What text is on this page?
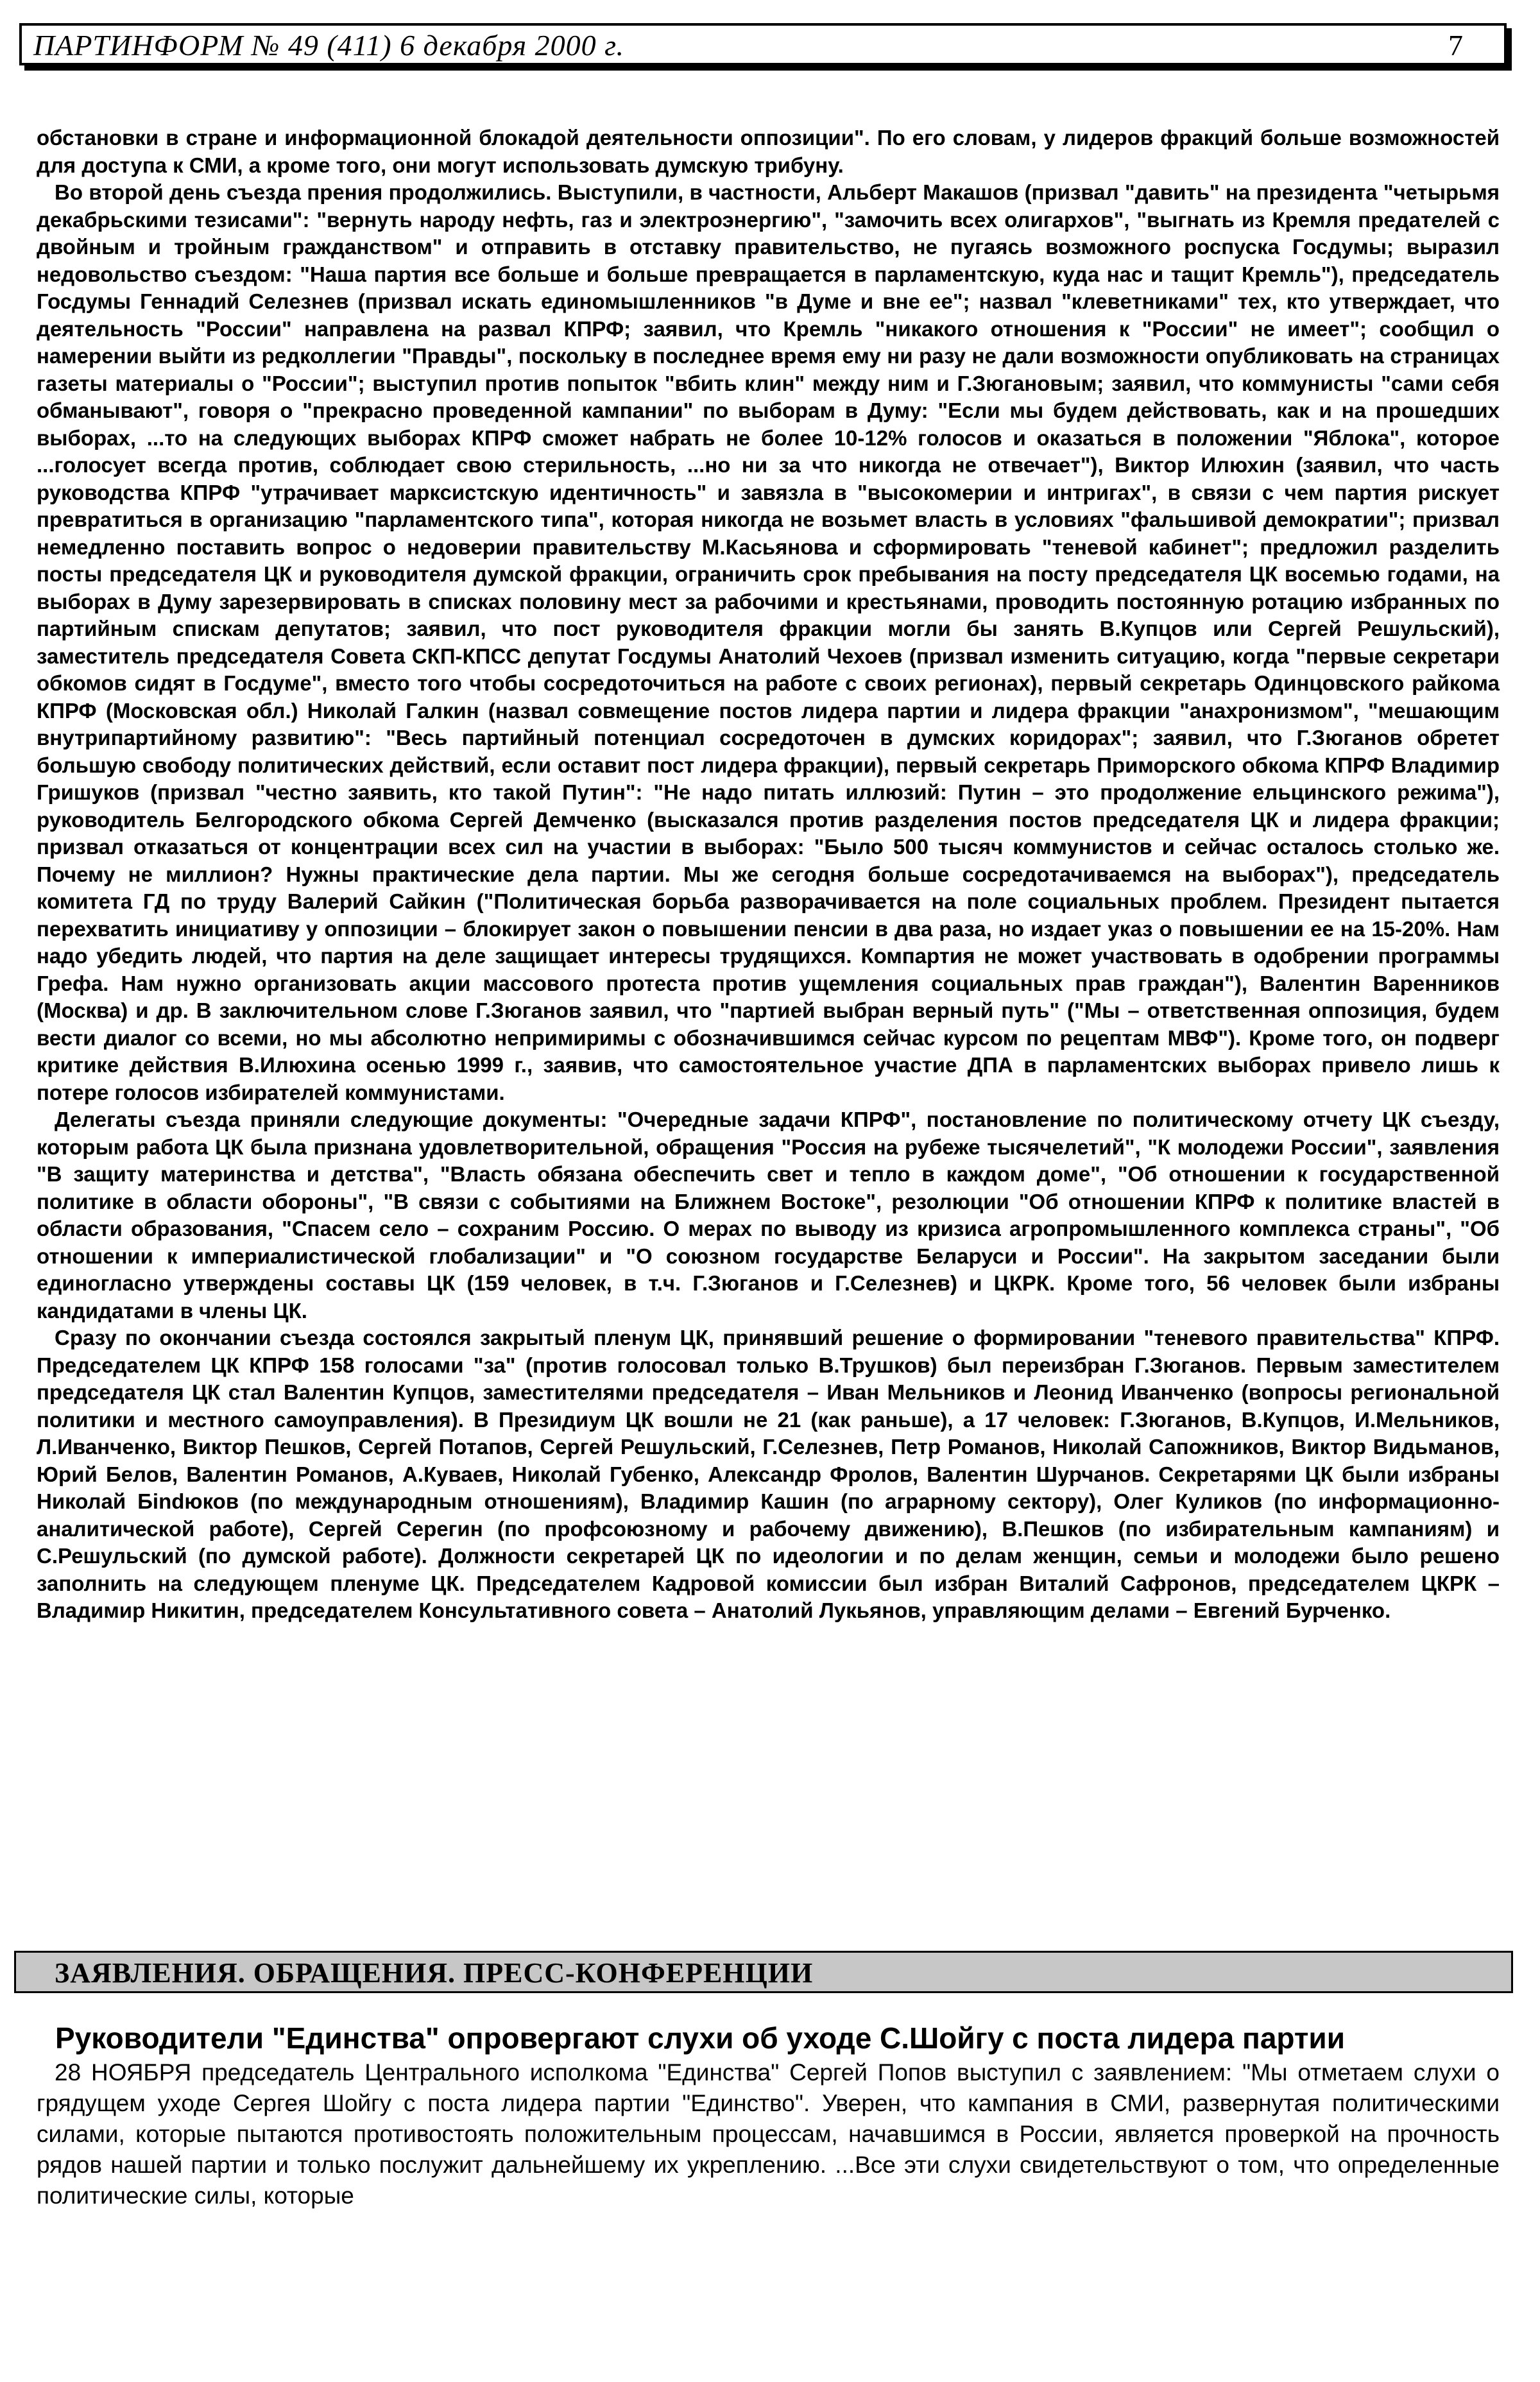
ПАРТИНФОРМ № 49 (411) 6 декабря 2000 г.	7

обстановки в стране и информационной блокадой деятельности оппозиции". По его словам, у лидеров фракций больше возможностей для доступа к СМИ, а кроме того, они могут использовать думскую трибуну.

Во второй день съезда прения продолжились. Выступили, в частности, Альберт Макашов (призвал "давить" на президента "четырьмя декабрьскими тезисами": "вернуть народу нефть, газ и электроэнергию", "замочить всех олигархов", "выгнать из Кремля предателей с двойным и тройным гражданством" и отправить в отставку правительство, не пугаясь возможного роспуска Госдумы; выразил недовольство съездом: "Наша партия все больше и больше превращается в парламентскую, куда нас и тащит Кремль"), председатель Госдумы Геннадий Селезнев (призвал искать единомышленников "в Думе и вне ее"; назвал "клеветниками" тех, кто утверждает, что деятельность "России" направлена на развал КПРФ; заявил, что Кремль "никакого отношения к "России" не имеет"; сообщил о намерении выйти из редколлегии "Правды", поскольку в последнее время ему ни разу не дали возможности опубликовать на страницах газеты материалы о "России"; выступил против попыток "вбить клин" между ним и Г.Зюгановым; заявил, что коммунисты "сами себя обманывают", говоря о "прекрасно проведенной кампании" по выборам в Думу: "Если мы будем действовать, как и на прошедших выборах, ...то на следующих выборах КПРФ сможет набрать не более 10-12% голосов и оказаться в положении "Яблока", которое ...голосует всегда против, соблюдает свою стерильность, ...но ни за что никогда не отвечает"), Виктор Илюхин (заявил, что часть руководства КПРФ "утрачивает марксистскую идентичность" и завязла в "высокомерии и интригах", в связи с чем партия рискует превратиться в организацию "парламентского типа", которая никогда не возьмет власть в условиях "фальшивой демократии"; призвал немедленно поставить вопрос о недоверии правительству М.Касьянова и сформировать "теневой кабинет"; предложил разделить посты председателя ЦК и руководителя думской фракции, ограничить срок пребывания на посту председателя ЦК восемью годами, на выборах в Думу зарезервировать в списках половину мест за рабочими и крестьянами, проводить постоянную ротацию избранных по партийным спискам депутатов; заявил, что пост руководителя фракции могли бы занять В.Купцов или Сергей Решульский), заместитель председателя Совета СКП-КПСС депутат Госдумы Анатолий Чехоев (призвал изменить ситуацию, когда "первые секретари обкомов сидят в Госдуме", вместо того чтобы сосредоточиться на работе с своих регионах), первый секретарь Одинцовского райкома КПРФ (Московская обл.) Николай Галкин (назвал совмещение постов лидера партии и лидера фракции "анахронизмом", "мешающим внутрипартийному развитию": "Весь партийный потенциал сосредоточен в думских коридорах"; заявил, что Г.Зюганов обретет большую свободу политических действий, если оставит пост лидера фракции), первый секретарь Приморского обкома КПРФ Владимир Гришуков (призвал "честно заявить, кто такой Путин": "Не надо питать иллюзий: Путин – это продолжение ельцинского режима"), руководитель Белгородского обкома Сергей Демченко (высказался против разделения постов председателя ЦК и лидера фракции; призвал отказаться от концентрации всех сил на участии в выборах: "Было 500 тысяч коммунистов и сейчас осталось столько же. Почему не миллион? Нужны практические дела партии. Мы же сегодня больше сосредотачиваемся на выборах"), председатель комитета ГД по труду Валерий Сайкин ("Политическая борьба разворачивается на поле социальных проблем. Президент пытается перехватить инициативу у оппозиции – блокирует закон о повышении пенсии в два раза, но издает указ о повышении ее на 15-20%. Нам надо убедить людей, что партия на деле защищает интересы трудящихся. Компартия не может участвовать в одобрении программы Грефа. Нам нужно организовать акции массового протеста против ущемления социальных прав граждан"), Валентин Варенников (Москва) и др. В заключительном слове Г.Зюганов заявил, что "партией выбран верный путь" ("Мы – ответственная оппозиция, будем вести диалог со всеми, но мы абсолютно непримиримы с обозначившимся сейчас курсом по рецептам МВФ"). Кроме того, он подверг критике действия В.Илюхина осенью 1999 г., заявив, что самостоятельное участие ДПА в парламентских выборах привело лишь к потере голосов избирателей коммунистами.

Делегаты съезда приняли следующие документы: "Очередные задачи КПРФ", постановление по политическому отчету ЦК съезду, которым работа ЦК была признана удовлетворительной, обращения "Россия на рубеже тысячелетий", "К молодежи России", заявления "В защиту материнства и детства", "Власть обязана обеспечить свет и тепло в каждом доме", "Об отношении к государственной политике в области обороны", "В связи с событиями на Ближнем Востоке", резолюции "Об отношении КПРФ к политике властей в области образования, "Спасем село – сохраним Россию. О мерах по выводу из кризиса агропромышленного комплекса страны", "Об отношении к империалистической глобализации" и "О союзном государстве Беларуси и России". На закрытом заседании были единогласно утверждены составы ЦК (159 человек, в т.ч. Г.Зюганов и Г.Селезнев) и ЦКРК. Кроме того, 56 человек были избраны кандидатами в члены ЦК.

Сразу по окончании съезда состоялся закрытый пленум ЦК, принявший решение о формировании "теневого правительства" КПРФ. Председателем ЦК КПРФ 158 голосами "за" (против голосовал только В.Трушков) был переизбран Г.Зюганов. Первым заместителем председателя ЦК стал Валентин Купцов, заместителями председателя – Иван Мельников и Леонид Иванченко (вопросы региональной политики и местного самоуправления). В Президиум ЦК вошли не 21 (как раньше), а 17 человек: Г.Зюганов, В.Купцов, И.Мельников, Л.Иванченко, Виктор Пешков, Сергей Потапов, Сергей Решульский, Г.Селезнев, Петр Романов, Николай Сапожников, Виктор Видьманов, Юрий Белов, Валентин Романов, А.Куваев, Николай Губенко, Александр Фролов, Валентин Шурчанов. Секретарями ЦК были избраны Николай Бindюков (по международным отношениям), Владимир Кашин (по аграрному сектору), Олег Куликов (по информационно-аналитической работе), Сергей Серегин (по профсоюзному и рабочему движению), В.Пешков (по избирательным кампаниям) и С.Решульский (по думской работе). Должности секретарей ЦК по идеологии и по делам женщин, семьи и молодежи было решено заполнить на следующем пленуме ЦК. Председателем Кадровой комиссии был избран Виталий Сафронов, председателем ЦКРК – Владимир Никитин, председателем Консультативного совета – Анатолий Лукьянов, управляющим делами – Евгений Бурченко.

ЗАЯВЛЕНИЯ. ОБРАЩЕНИЯ. ПРЕСС-КОНФЕРЕНЦИИ
Руководители "Единства" опровергают слухи об уходе С.Шойгу с поста лидера партии

28 НОЯБРЯ председатель Центрального исполкома "Единства" Сергей Попов выступил с заявлением: "Мы отметаем слухи о грядущем уходе Сергея Шойгу с поста лидера партии "Единство". Уверен, что кампания в СМИ, развернутая политическими силами, которые пытаются противостоять положительным процессам, начавшимся в России, является проверкой на прочность рядов нашей партии и только послужит дальнейшему их укреплению. ...Все эти слухи свидетельствуют о том, что определенные политические силы, которые
